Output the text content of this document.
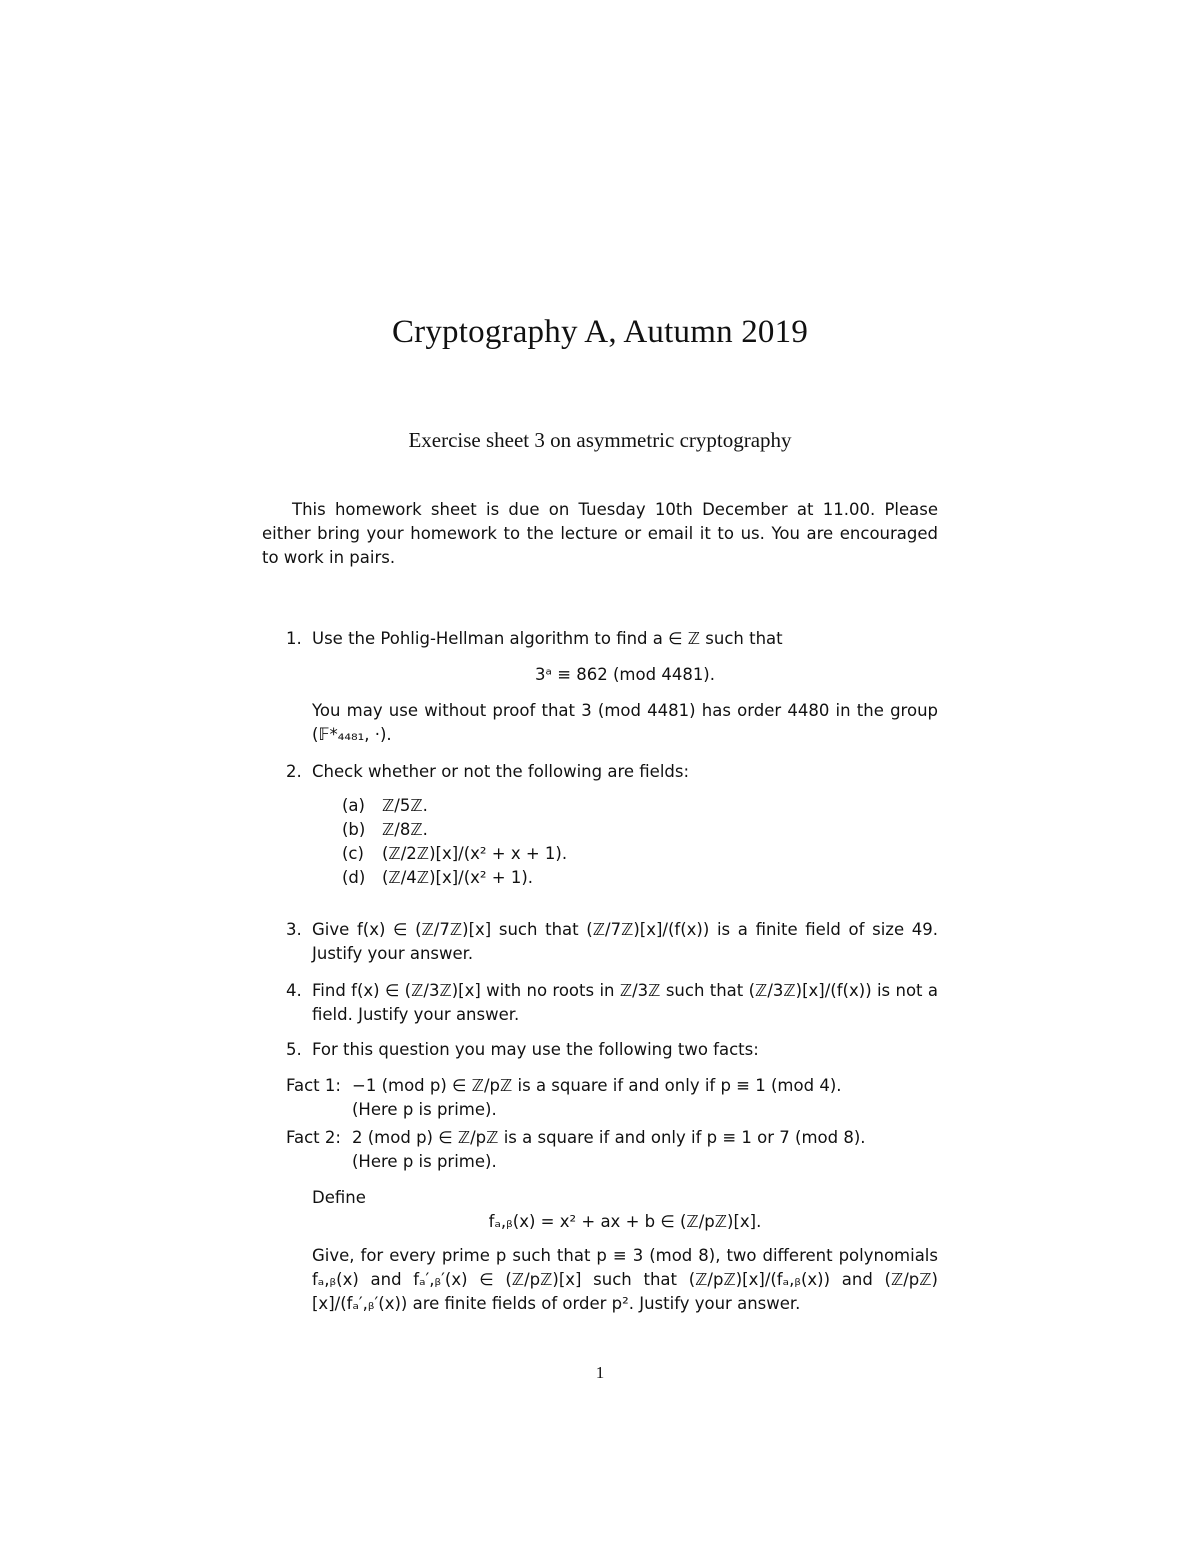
Cryptography A, Autumn 2019
Exercise sheet 3 on asymmetric cryptography
This homework sheet is due on Tuesday 10th December at 11.00. Please either bring your homework to the lecture or email it to us. You are encouraged to work in pairs.
1. Use the Pohlig-Hellman algorithm to find a ∈ ℤ such that
3ᵃ ≡ 862 (mod 4481).
You may use without proof that 3 (mod 4481) has order 4480 in the group (𝔽*₄₄₈₁, ·).
2. Check whether or not the following are fields:
(a) ℤ/5ℤ.
(b) ℤ/8ℤ.
(c) (ℤ/2ℤ)[x]/(x² + x + 1).
(d) (ℤ/4ℤ)[x]/(x² + 1).
3. Give f(x) ∈ (ℤ/7ℤ)[x] such that (ℤ/7ℤ)[x]/(f(x)) is a finite field of size 49. Justify your answer.
4. Find f(x) ∈ (ℤ/3ℤ)[x] with no roots in ℤ/3ℤ such that (ℤ/3ℤ)[x]/(f(x)) is not a field. Justify your answer.
5. For this question you may use the following two facts:
Fact 1: −1 (mod p) ∈ ℤ/pℤ is a square if and only if p ≡ 1 (mod 4).
(Here p is prime).
Fact 2: 2 (mod p) ∈ ℤ/pℤ is a square if and only if p ≡ 1 or 7 (mod 8).
(Here p is prime).
Define
fₐ,ᵦ(x) = x² + ax + b ∈ (ℤ/pℤ)[x].
Give, for every prime p such that p ≡ 3 (mod 8), two different polynomials fₐ,ᵦ(x) and fₐ′,ᵦ′(x) ∈ (ℤ/pℤ)[x] such that (ℤ/pℤ)[x]/(fₐ,ᵦ(x)) and (ℤ/pℤ)[x]/(fₐ′,ᵦ′(x)) are finite fields of order p². Justify your answer.
1
